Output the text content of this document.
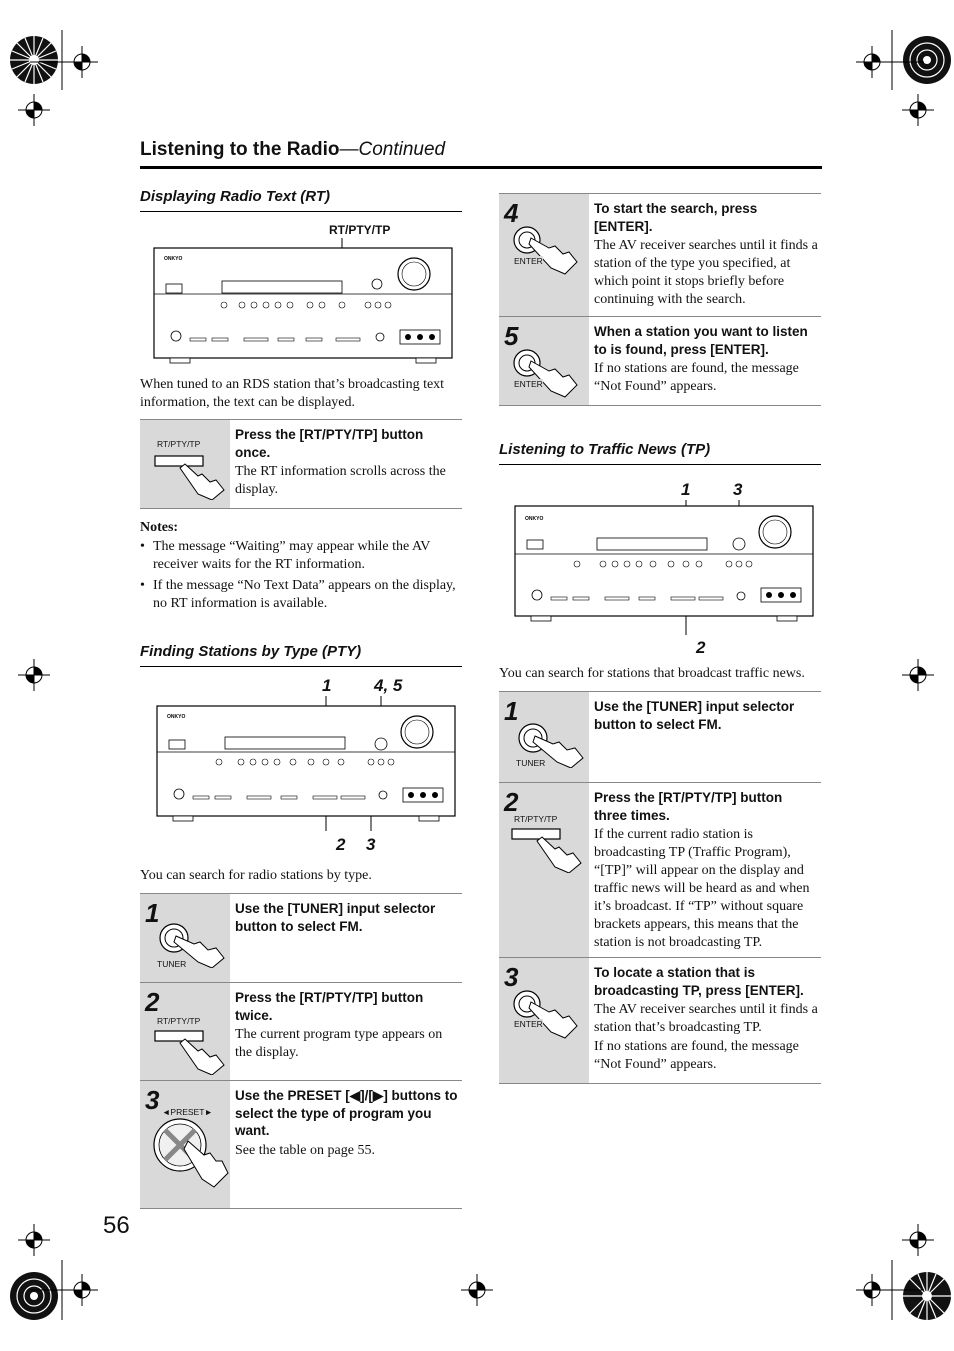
Listening to the Radio—Continued
Displaying Radio Text (RT)
RT/PTY/TP
ONKYO
When tuned to an RDS station that’s broadcasting text information, the text can be displayed.
RT/PTY/TP
Press the [RT/PTY/TP] button once.
The RT information scrolls across the display.
Notes:
• The message “Waiting” may appear while the AV receiver waits for the RT information.
• If the message “No Text Data” appears on the display, no RT information is available.
Finding Stations by Type (PTY)
1	4, 5
ONKYO
2 3
You can search for radio stations by type.
1
TUNER
Use the [TUNER] input selector button to select FM.
2
RT/PTY/TP
Press the [RT/PTY/TP] button twice.
The current program type appears on the display.
3 ◄PRESET►
Use the PRESET [◀]/[▶] buttons to select the type of program you want.
See the table on page 55.
4
ENTER
To start the search, press [ENTER].
The AV receiver searches until it finds a station of the type you specified, at which point it stops briefly before continuing with the search.
5
ENTER
When a station you want to listen to is found, press [ENTER].
If no stations are found, the message “Not Found” appears.
Listening to Traffic News (TP)
1	3
ONKYO
2
You can search for stations that broadcast traffic news.
1
TUNER
Use the [TUNER] input selector button to select FM.
2
RT/PTY/TP
Press the [RT/PTY/TP] button three times.
If the current radio station is broadcasting TP (Traffic Program), “[TP]” will appear on the display and traffic news will be heard as and when it’s broadcast. If “TP” without square brackets appears, this means that the station is not broadcasting TP.
3
ENTER
To locate a station that is broadcasting TP, press [ENTER].
The AV receiver searches until it finds a station that’s broadcasting TP.
If no stations are found, the message “Not Found” appears.
56
